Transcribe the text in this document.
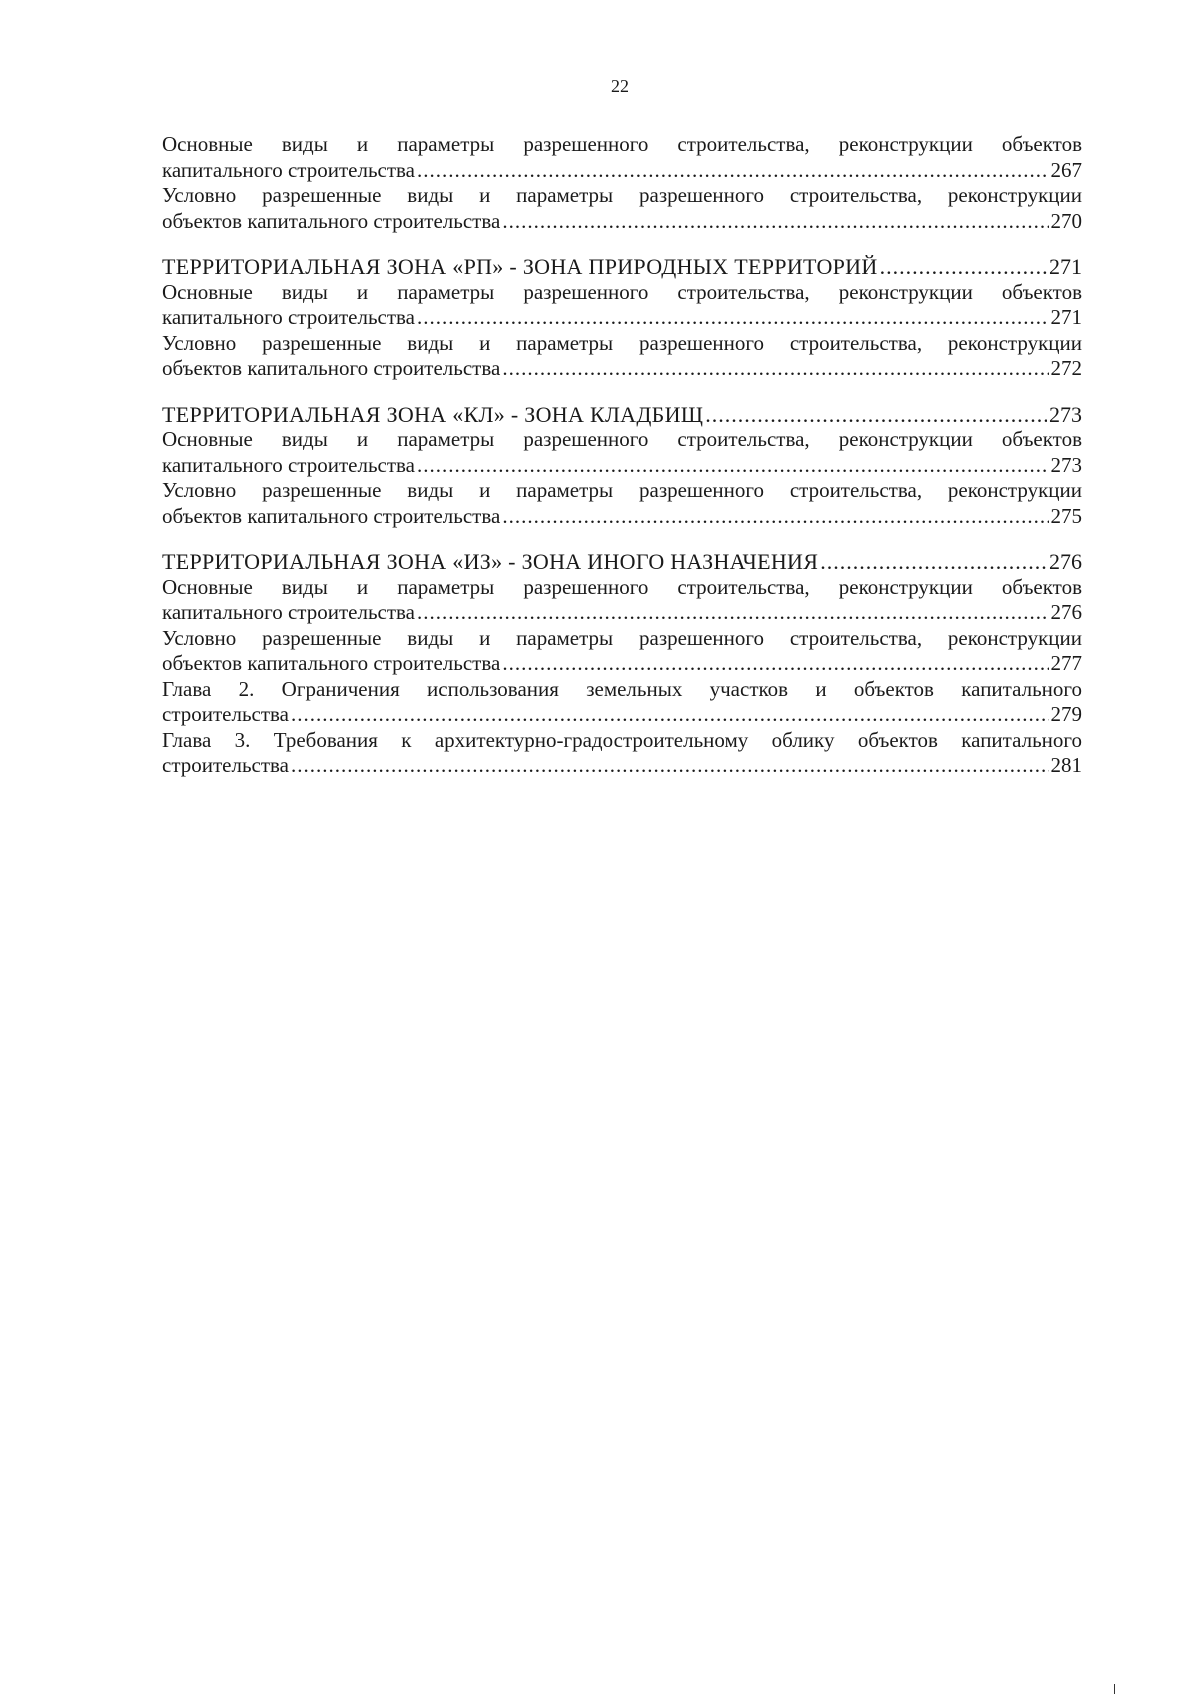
22

Основные виды и параметры разрешенного строительства, реконструкции объектов

капитального строительства .....	267

Условно разрешенные виды и параметры разрешенного строительства, реконструкции

объектов капитального строительства .....	270
ТЕРРИТОРИАЛЬНАЯ ЗОНА «РП» - ЗОНА ПРИРОДНЫХ ТЕРРИТОРИЙ .....	271

Основные виды и параметры разрешенного строительства, реконструкции объектов

капитального строительства .....	271

Условно разрешенные виды и параметры разрешенного строительства, реконструкции

объектов капитального строительства .....	272
ТЕРРИТОРИАЛЬНАЯ ЗОНА «КЛ» - ЗОНА КЛАДБИЩ .....	273

Основные виды и параметры разрешенного строительства, реконструкции объектов

капитального строительства .....	273

Условно разрешенные виды и параметры разрешенного строительства, реконструкции

объектов капитального строительства .....	275
ТЕРРИТОРИАЛЬНАЯ ЗОНА «ИЗ» - ЗОНА ИНОГО НАЗНАЧЕНИЯ .....	276

Основные виды и параметры разрешенного строительства, реконструкции объектов

капитального строительства .....	276

Условно разрешенные виды и параметры разрешенного строительства, реконструкции

объектов капитального строительства .....	277

Глава 2. Ограничения использования земельных участков и объектов капитального

строительства .....	279

Глава 3. Требования к архитектурно-градостроительному облику объектов капитального

строительства .....	281
